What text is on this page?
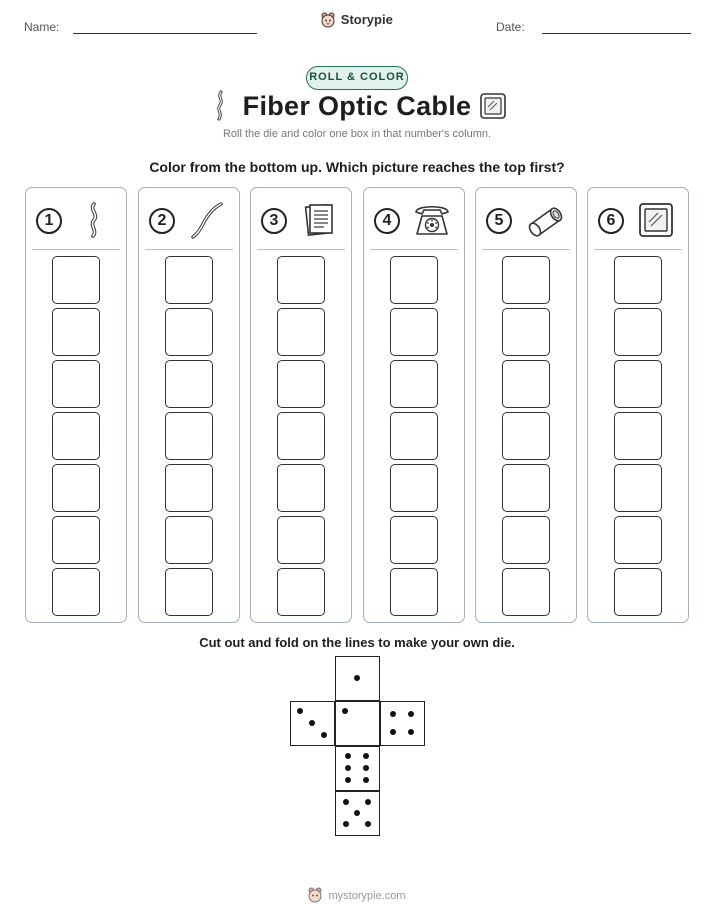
Name:	Storypie	Date:
ROLL & COLOR
Fiber Optic Cable
Roll the die and color one box in that number's column.
Color from the bottom up. Which picture reaches the top first?
1	2	3	4	5	6
Cut out and fold on the lines to make your own die.
mystorypie.com
